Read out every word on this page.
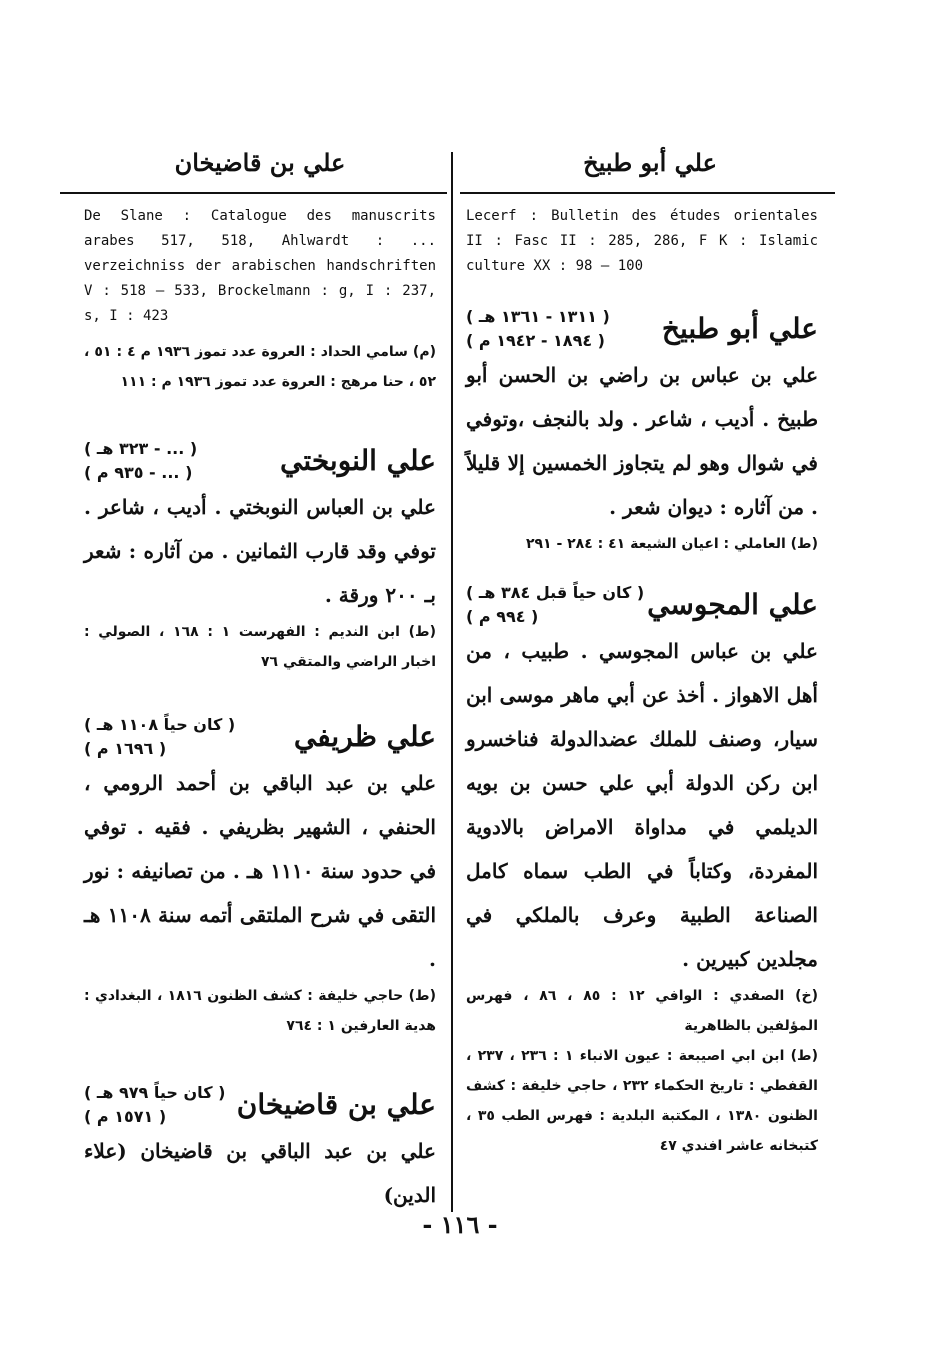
علي أبو طبيخ
علي بن قاضيخان

Lecerf : Bulletin des études orientales II : Fasc II : 285, 286, F K : Islamic culture XX : 98 — 100

علي أبو طبيخ
( ١٣١١ - ١٣٦١ هـ )
( ١٨٩٤ - ١٩٤٢ م )

علي بن عباس بن راضي بن الحسن أبو طبيخ . أديب ، شاعر . ولد بالنجف ،وتوفي في شوال وهو لم يتجاوز الخمسين إلا قليلاً . من آثاره : ديوان شعر .

(ط) العاملي : اعيان الشيعة ٤١ : ٢٨٤ - ٢٩١

علي المجوسي
( كان حياً قبل ٣٨٤ هـ )
( ٩٩٤ م )

علي بن عباس المجوسي . طبيب ، من أهل الاهواز . أخذ عن أبي ماهر موسى ابن سيار، وصنف للملك عضدالدولة فناخسرو ابن ركن الدولة أبي علي حسن بن بويه الديلمي في مداواة الامراض بالادوية المفردة، وكتاباً في الطب سماه كامل الصناعة الطبية وعرف بالملكي في مجلدين كبيرين .

(خ) الصفدي : الوافي ١٢ : ٨٥ ، ٨٦ ، فهرس المؤلفين بالظاهرية

(ط) ابن ابي اصيبعة : عيون الانباء ١ : ٢٣٦ ، ٢٣٧ ، القفطي : تاريخ الحكماء ٢٣٢ ، حاجي خليفة : كشف الظنون ١٣٨٠ ، المكتبة البلدية : فهرس الطب ٣٥ ، كتبخانه عاشر افندي ٤٧

De Slane : Catalogue des manuscrits arabes 517, 518, Ahlwardt : ... verzeichniss der arabischen handschriften V : 518 — 533, Brockelmann : g, I : 237, s, I : 423

(م) سامي الحداد : العروة عدد تموز ١٩٣٦ م ٤ : ٥١ ، ٥٢ ، حنا مرهج : العروة عدد تموز ١٩٣٦ م : ١١١

علي النوبختي
( ... - ٣٢٣ هـ )
( ... - ٩٣٥ م )

علي بن العباس النوبختي . أديب ، شاعر . توفي وقد قارب الثمانين . من آثاره : شعر بـ ٢٠٠ ورقة .

(ط) ابن النديم : الفهرست ١ : ١٦٨ ، الصولي : اخبار الراضي والمتقي ٧٦

علي ظريفي
( كان حياً ١١٠٨ هـ )
( ١٦٩٦ م )

علي بن عبد الباقي بن أحمد الرومي ، الحنفي ، الشهير بظريفي . فقيه . توفي في حدود سنة ١١١٠ هـ . من تصانيفه : نور التقى في شرح الملتقى أتمه سنة ١١٠٨ هـ .

(ط) حاجي خليفة : كشف الظنون ١٨١٦ ، البغدادي : هدية العارفين ١ : ٧٦٤

علي بن قاضيخان
( كان حياً ٩٧٩ هـ )
( ١٥٧١ م )

علي بن عبد الباقي بن قاضيخان (علاء الدين)

- ١١٦ -
